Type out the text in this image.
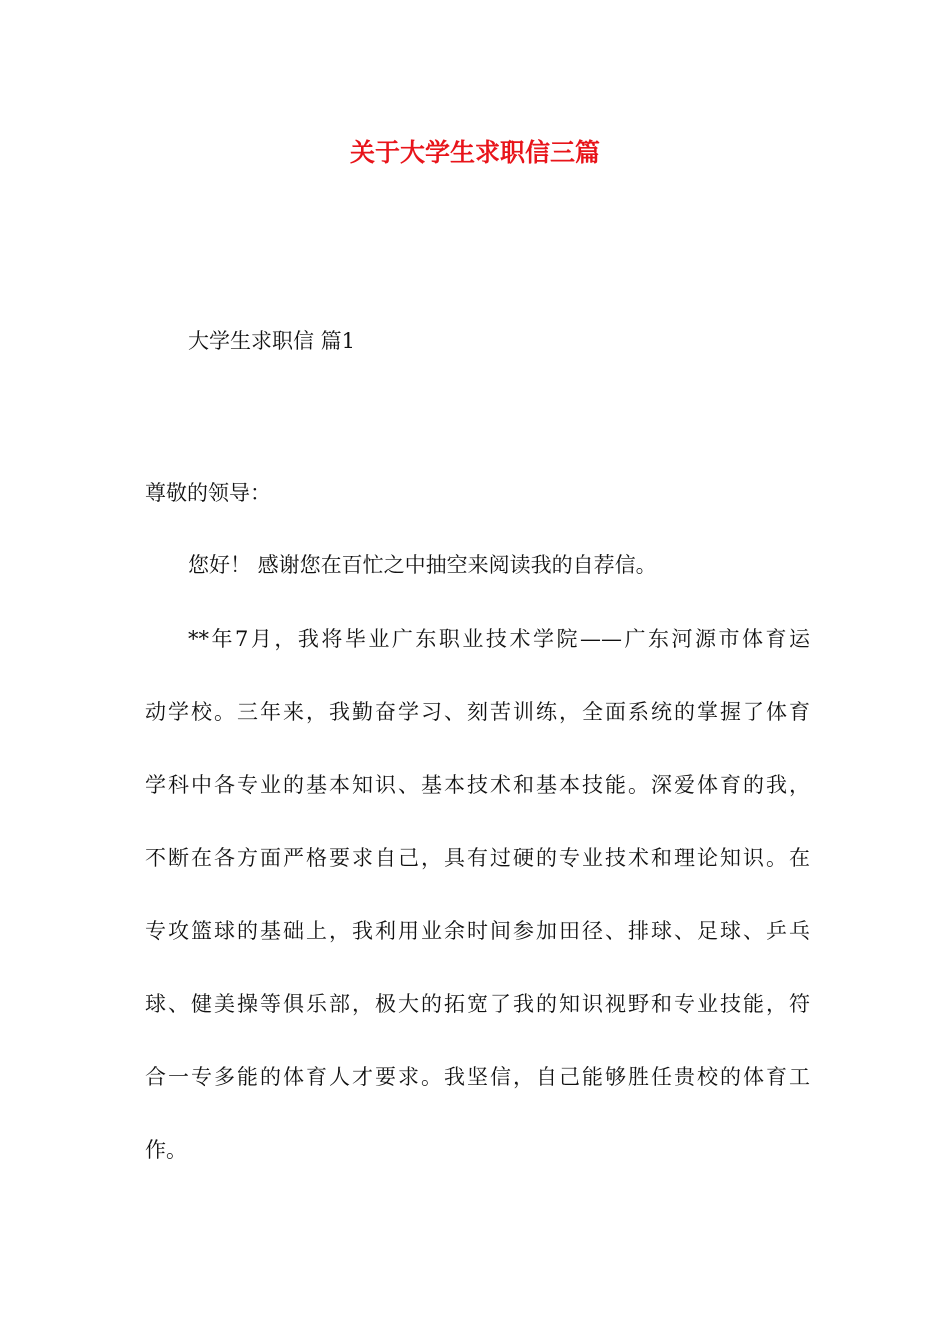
关于大学生求职信三篇
大学生求职信 篇1
尊敬的领导：
您好！ 感谢您在百忙之中抽空来阅读我的自荐信。
**年7月，我将毕业广东职业技术学院——广东河源市体育运
动学校。三年来，我勤奋学习、刻苦训练，全面系统的掌握了体育
学科中各专业的基本知识、基本技术和基本技能。深爱体育的我，
不断在各方面严格要求自己，具有过硬的专业技术和理论知识。在
专攻篮球的基础上，我利用业余时间参加田径、排球、足球、乒乓
球、健美操等俱乐部，极大的拓宽了我的知识视野和专业技能，符
合一专多能的体育人才要求。我坚信，自己能够胜任贵校的体育工
作。
